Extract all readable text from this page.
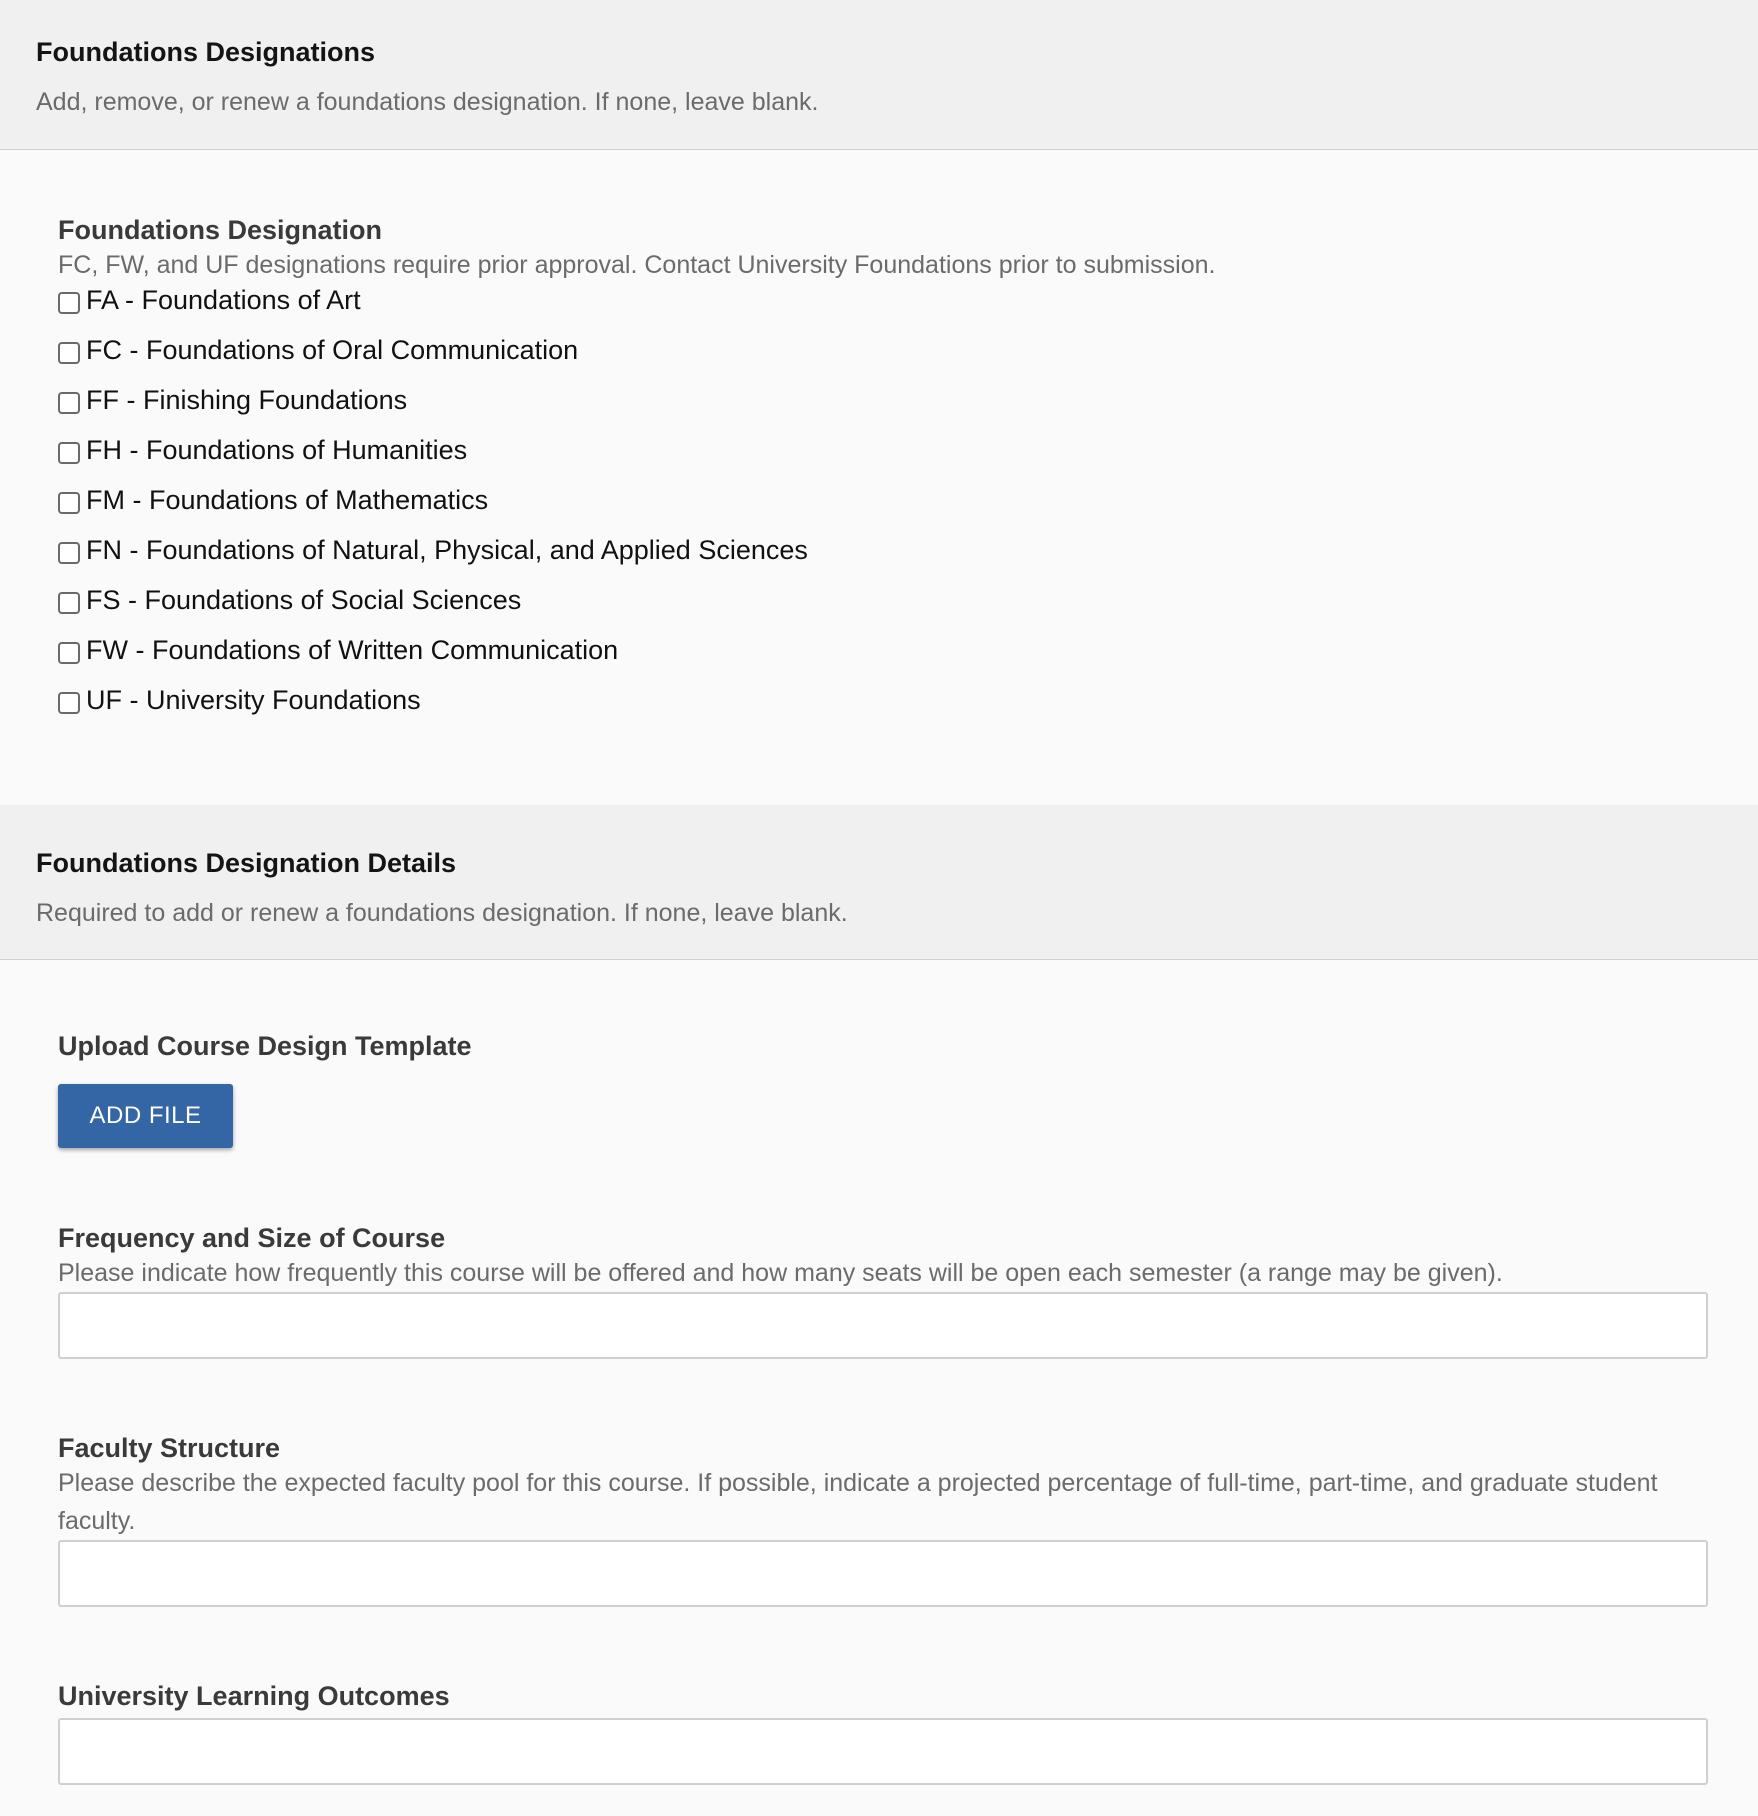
Foundations Designations
Add, remove, or renew a foundations designation. If none, leave blank.
Foundations Designation
FC, FW, and UF designations require prior approval. Contact University Foundations prior to submission.
FA - Foundations of Art
FC - Foundations of Oral Communication
FF - Finishing Foundations
FH - Foundations of Humanities
FM - Foundations of Mathematics
FN - Foundations of Natural, Physical, and Applied Sciences
FS - Foundations of Social Sciences
FW - Foundations of Written Communication
UF - University Foundations
Foundations Designation Details
Required to add or renew a foundations designation. If none, leave blank.
Upload Course Design Template
ADD FILE
Frequency and Size of Course
Please indicate how frequently this course will be offered and how many seats will be open each semester (a range may be given).
Faculty Structure
Please describe the expected faculty pool for this course. If possible, indicate a projected percentage of full-time, part-time, and graduate student faculty.
University Learning Outcomes
